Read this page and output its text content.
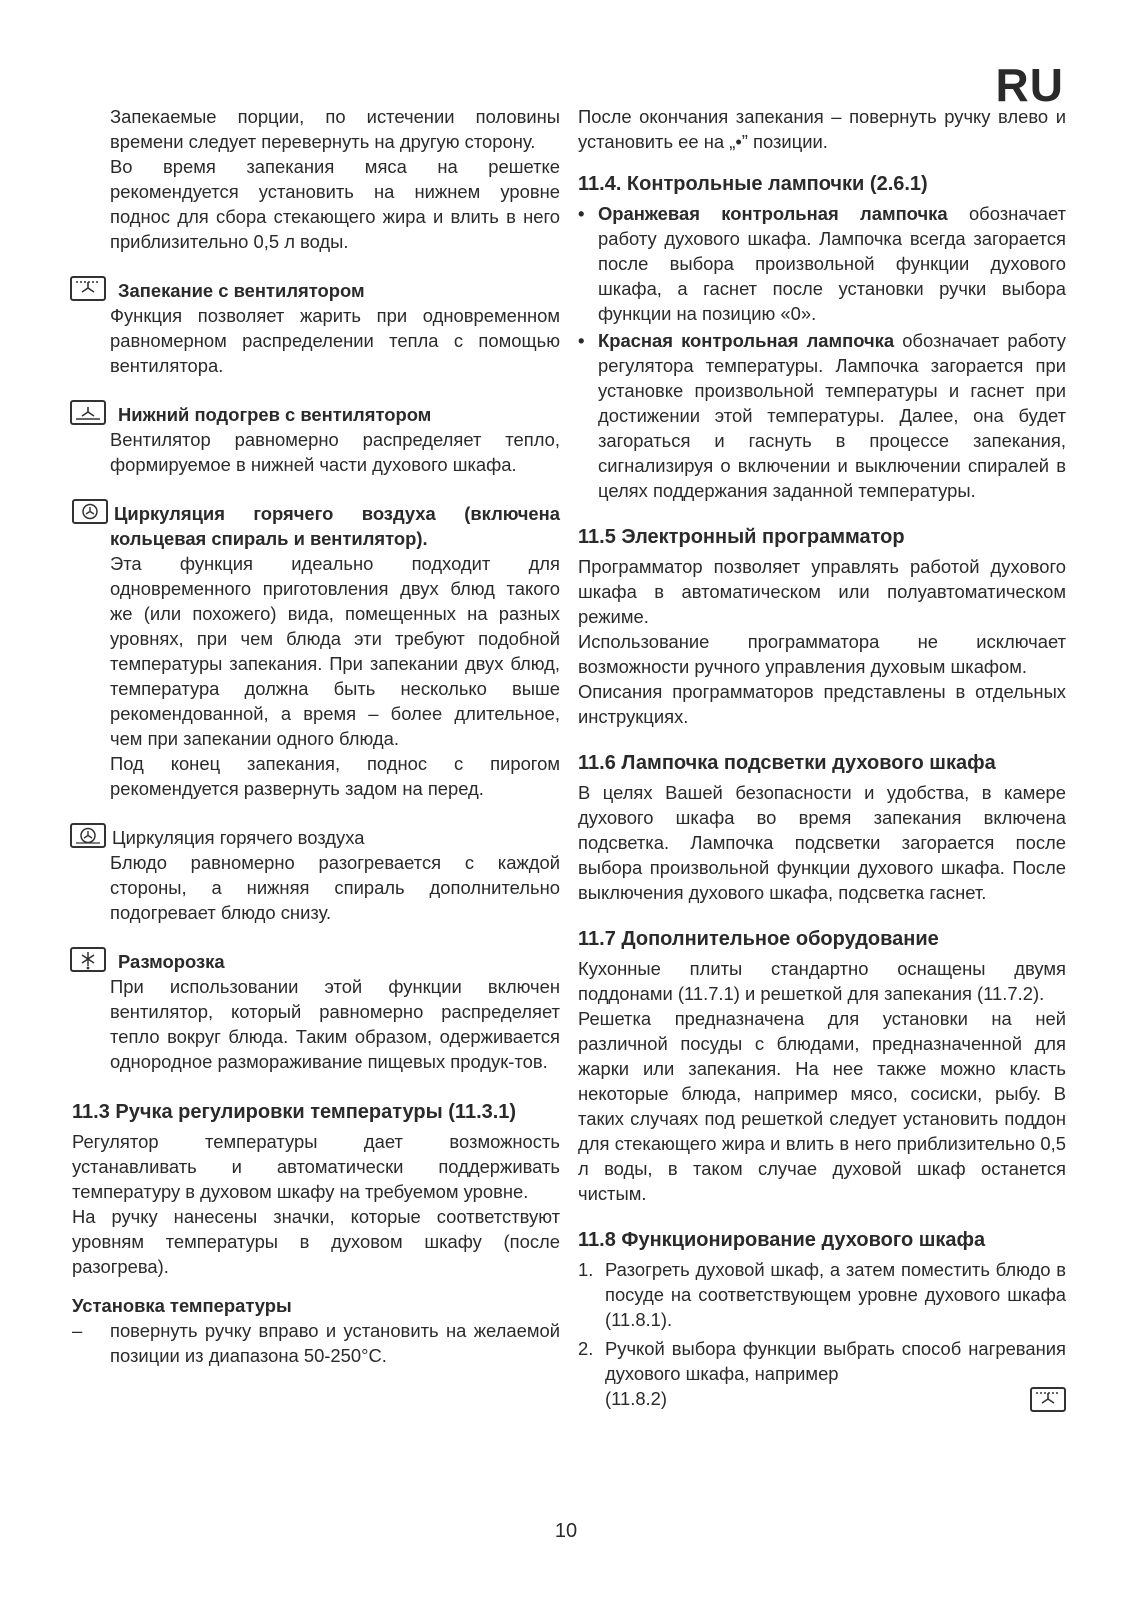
RU

Запекаемые порции, по истечении половины времени следует перевернуть на другую сторону.

Во время запекания мяса на решетке рекомендуется установить на нижнем уровне поднос для сбора стекающего жира и влить в него приблизительно 0,5 л воды.

Запекание с вентилятором

Функция позволяет жарить при одновременном равномерном распределении тепла с помощью вентилятора.

Нижний подогрев с вентилятором

Вентилятор равномерно распределяет тепло, формируемое в нижней части духового шкафа.

Циркуляция горячего воздуха (включена кольцевая спираль и вентилятор).

Эта функция идеально подходит для одновременного приготовления двух блюд такого же (или похожего) вида, помещенных на разных уровнях, при чем блюда эти требуют подобной температуры запекания. При запекании двух блюд, температура должна быть несколько выше рекомендованной, а время – более длительное, чем при запекании одного блюда.

Под конец запекания, поднос с пирогом рекомендуется развернуть задом на перед.

Циркуляция горячего воздуха

Блюдо равномерно разогревается с каждой стороны, а нижняя спираль дополнительно подогревает блюдо снизу.

Разморозка

При использовании этой функции включен вентилятор, который равномерно распределяет тепло вокруг блюда. Таким образом, одерживается однородное размораживание пищевых продук-тов.

11.3 Ручка регулировки температуры (11.3.1)

Регулятор температуры дает возможность устанавливать и автоматически поддерживать температуру в духовом шкафу на требуемом уровне.

На ручку нанесены значки, которые соответствуют уровням температуры в духовом шкафу (после разогрева).

Установка температуры
– повернуть ручку вправо и установить на желаемой позиции из диапазона 50-250°C.

После окончания запекания – повернуть ручку влево и установить ее на „•” позиции.

11.4. Контрольные лампочки (2.6.1)

• Оранжевая контрольная лампочка обозначает работу духового шкафа. Лампочка всегда загорается после выбора произвольной функции духового шкафа, а гаснет после установки ручки выбора функции на позицию «0».

• Красная контрольная лампочка обозначает работу регулятора температуры. Лампочка загорается при установке произвольной температуры и гаснет при достижении этой температуры. Далее, она будет загораться и гаснуть в процессе запекания, сигнализируя о включении и выключении спиралей в целях поддержания заданной температуры.

11.5 Электронный программатор

Программатор позволяет управлять работой духового шкафа в автоматическом или полуавтоматическом режиме.

Использование программатора не исключает возможности ручного управления духовым шкафом.

Описания программаторов представлены в отдельных инструкциях.

11.6 Лампочка подсветки духового шкафа

В целях Вашей безопасности и удобства, в камере духового шкафа во время запекания включена подсветка. Лампочка подсветки загорается после выбора произвольной функции духового шкафа. После выключения духового шкафа, подсветка гаснет.

11.7 Дополнительное оборудование

Кухонные плиты стандартно оснащены двумя поддонами (11.7.1) и решеткой для запекания (11.7.2).

Решетка предназначена для установки на ней различной посуды с блюдами, предназначенной для жарки или запекания. На нее также можно класть некоторые блюда, например мясо, сосиски, рыбу. В таких случаях под решеткой следует установить поддон для стекающего жира и влить в него приблизительно 0,5 л воды, в таком случае духовой шкаф останется чистым.

11.8 Функционирование духового шкафа
1. Разогреть духовой шкаф, а затем поместить блюдо в посуде на соответствующем уровне духового шкафа (11.8.1).

2. Ручкой выбора функции выбрать способ нагревания духового шкафа, например

(11.8.2)

10
